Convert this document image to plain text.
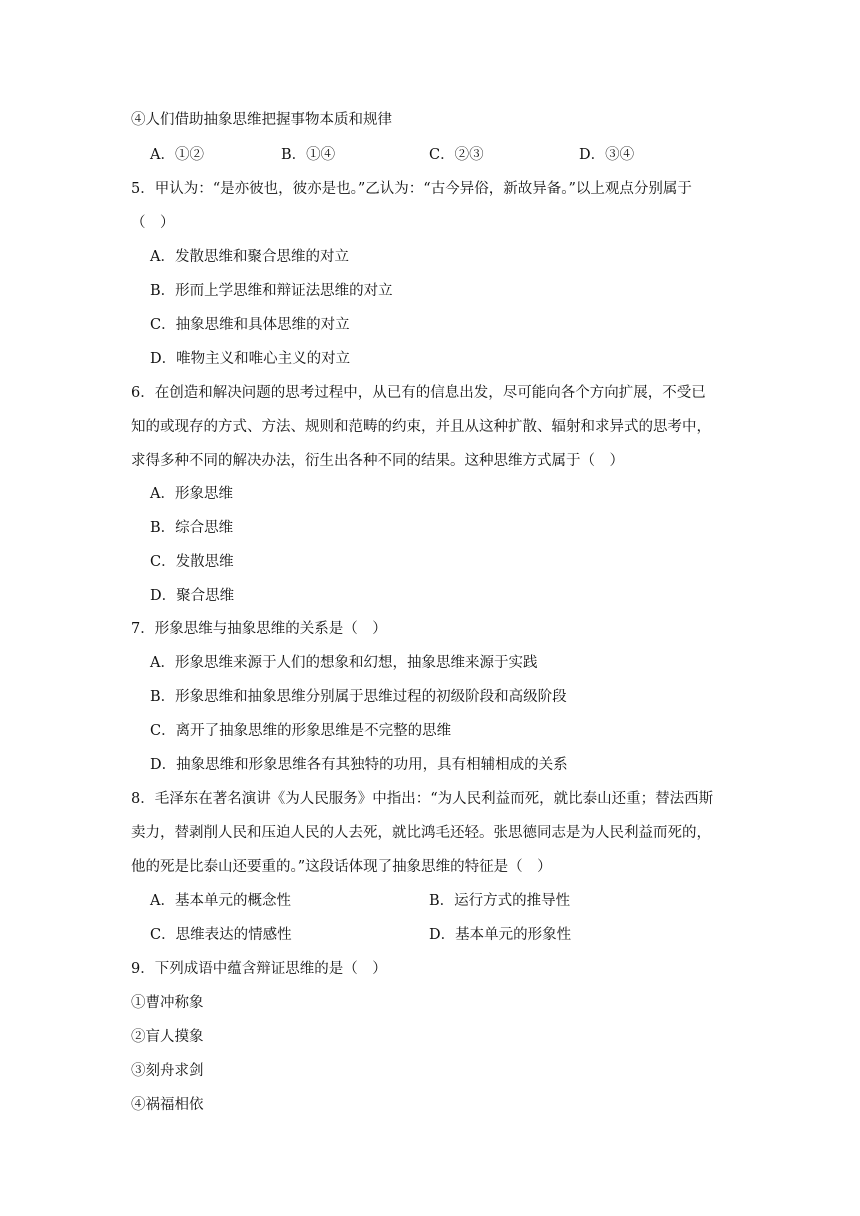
④人们借助抽象思维把握事物本质和规律
A．①②	B．①④	C．②③	D．③④
5．甲认为：“是亦彼也，彼亦是也。”乙认为：“古今异俗，新故异备。”以上观点分别属于
（　）
A．发散思维和聚合思维的对立
B．形而上学思维和辩证法思维的对立
C．抽象思维和具体思维的对立
D．唯物主义和唯心主义的对立
6．在创造和解决问题的思考过程中，从已有的信息出发，尽可能向各个方向扩展，不受已
知的或现存的方式、方法、规则和范畴的约束，并且从这种扩散、辐射和求异式的思考中，
求得多种不同的解决办法，衍生出各种不同的结果。这种思维方式属于（　）
A．形象思维
B．综合思维
C．发散思维
D．聚合思维
7．形象思维与抽象思维的关系是（　）
A．形象思维来源于人们的想象和幻想，抽象思维来源于实践
B．形象思维和抽象思维分别属于思维过程的初级阶段和高级阶段
C．离开了抽象思维的形象思维是不完整的思维
D．抽象思维和形象思维各有其独特的功用，具有相辅相成的关系
8．毛泽东在著名演讲《为人民服务》中指出：“为人民利益而死，就比泰山还重；替法西斯
卖力，替剥削人民和压迫人民的人去死，就比鸿毛还轻。张思德同志是为人民利益而死的，
他的死是比泰山还要重的。”这段话体现了抽象思维的特征是（　）
A．基本单元的概念性	B．运行方式的推导性
C．思维表达的情感性	D．基本单元的形象性
9．下列成语中蕴含辩证思维的是（　）
①曹冲称象
②盲人摸象
③刻舟求剑
④祸福相依
